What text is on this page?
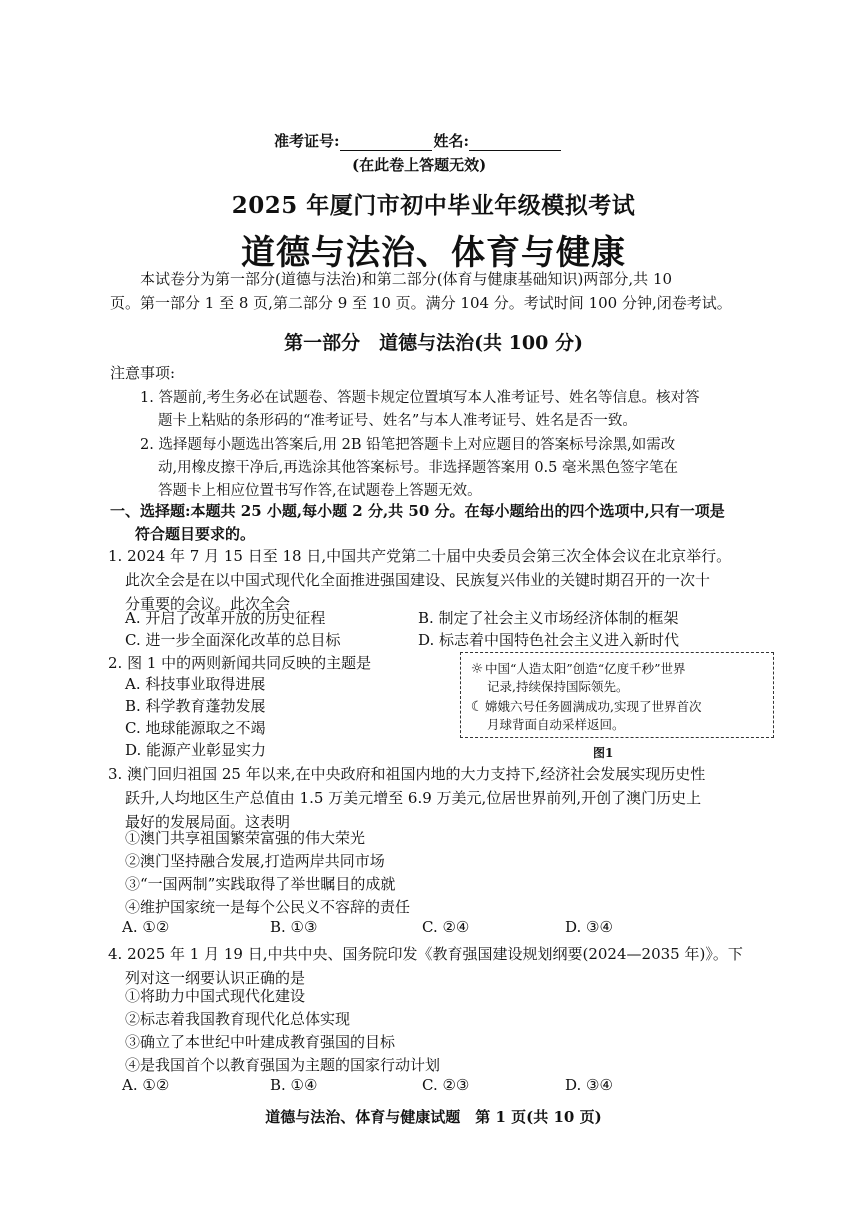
准考证号:	姓名:
(在此卷上答题无效)
2025 年厦门市初中毕业年级模拟考试
道德与法治、体育与健康
本试卷分为第一部分(道德与法治)和第二部分(体育与健康基础知识)两部分,共 10
页。第一部分 1 至 8 页,第二部分 9 至 10 页。满分 104 分。考试时间 100 分钟,闭卷考试。
第一部分　道德与法治(共 100 分)
注意事项:
1. 答题前,考生务必在试题卷、答题卡规定位置填写本人准考证号、姓名等信息。核对答
题卡上粘贴的条形码的“准考证号、姓名”与本人准考证号、姓名是否一致。
2. 选择题每小题选出答案后,用 2B 铅笔把答题卡上对应题目的答案标号涂黑,如需改
动,用橡皮擦干净后,再选涂其他答案标号。非选择题答案用 0.5 毫米黑色签字笔在
答题卡上相应位置书写作答,在试题卷上答题无效。
一、选择题:本题共 25 小题,每小题 2 分,共 50 分。在每小题给出的四个选项中,只有一项是
符合题目要求的。
1. 2024 年 7 月 15 日至 18 日,中国共产党第二十届中央委员会第三次全体会议在北京举行。
此次全会是在以中国式现代化全面推进强国建设、民族复兴伟业的关键时期召开的一次十
分重要的会议。此次全会
A. 开启了改革开放的历史征程	B. 制定了社会主义市场经济体制的框架
C. 进一步全面深化改革的总目标	D. 标志着中国特色社会主义进入新时代
2. 图 1 中的两则新闻共同反映的主题是
A. 科技事业取得进展
B. 科学教育蓬勃发展
C. 地球能源取之不竭
D. 能源产业彰显实力
☼ 中国“人造太阳”创造“亿度千秒”世界
记录,持续保持国际领先。
☾ 嫦娥六号任务圆满成功,实现了世界首次
月球背面自动采样返回。
图1
3. 澳门回归祖国 25 年以来,在中央政府和祖国内地的大力支持下,经济社会发展实现历史性
跃升,人均地区生产总值由 1.5 万美元增至 6.9 万美元,位居世界前列,开创了澳门历史上
最好的发展局面。这表明
①澳门共享祖国繁荣富强的伟大荣光
②澳门坚持融合发展,打造两岸共同市场
③“一国两制”实践取得了举世瞩目的成就
④维护国家统一是每个公民义不容辞的责任
A. ①②	B. ①③	C. ②④	D. ③④
4. 2025 年 1 月 19 日,中共中央、国务院印发《教育强国建设规划纲要(2024—2035 年)》。下
列对这一纲要认识正确的是
①将助力中国式现代化建设
②标志着我国教育现代化总体实现
③确立了本世纪中叶建成教育强国的目标
④是我国首个以教育强国为主题的国家行动计划
A. ①②	B. ①④	C. ②③	D. ③④
道德与法治、体育与健康试题　第 1 页(共 10 页)
